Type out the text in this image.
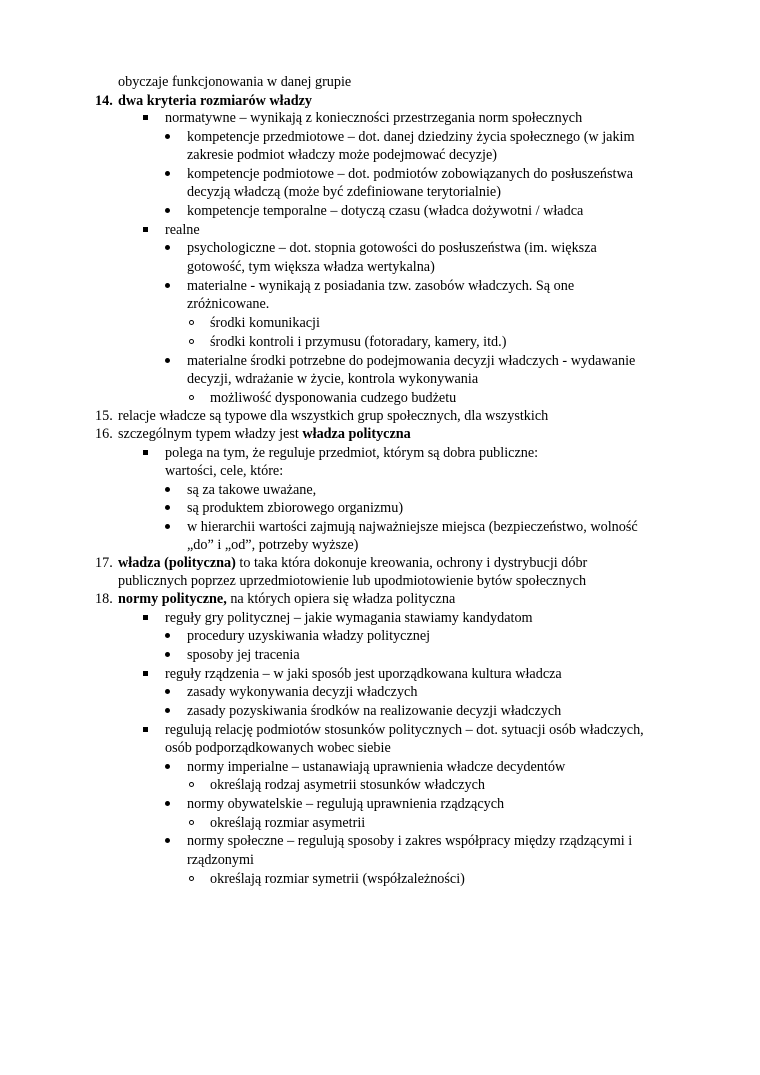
obyczaje funkcjonowania w danej grupie
14. dwa kryteria rozmiarów władzy
normatywne – wynikają z konieczności przestrzegania norm społecznych
kompetencje przedmiotowe – dot. danej dziedziny życia społecznego (w jakim
zakresie podmiot władczy może podejmować decyzje)
kompetencje podmiotowe – dot. podmiotów zobowiązanych do posłuszeństwa
decyzją władczą (może być zdefiniowane terytorialnie)
kompetencje temporalne – dotyczą czasu (władca dożywotni / władca
realne
psychologiczne – dot. stopnia gotowości do posłuszeństwa (im. większa
gotowość, tym większa władza wertykalna)
materialne - wynikają z posiadania tzw. zasobów władczych. Są one
zróżnicowane.
środki komunikacji
środki kontroli i przymusu (fotoradary, kamery, itd.)
materialne środki potrzebne do podejmowania decyzji władczych - wydawanie
decyzji, wdrażanie w życie, kontrola wykonywania
możliwość dysponowania cudzego budżetu
15. relacje władcze są typowe dla wszystkich grup społecznych, dla wszystkich
16. szczególnym typem władzy jest władza polityczna
polega na tym, że reguluje przedmiot, którym są dobra publiczne:
wartości, cele, które:
są za takowe uważane,
są produktem zbiorowego organizmu)
w hierarchii wartości zajmują najważniejsze miejsca (bezpieczeństwo, wolność
„do” i „od”, potrzeby wyższe)
17. władza (polityczna) to taka która dokonuje kreowania, ochrony i dystrybucji dóbr
publicznych poprzez uprzedmiotowienie lub upodmiotowienie bytów społecznych
18. normy polityczne, na których opiera się władza polityczna
reguły gry politycznej – jakie wymagania stawiamy kandydatom
procedury uzyskiwania władzy politycznej
sposoby jej tracenia
reguły rządzenia – w jaki sposób jest uporządkowana kultura władcza
zasady wykonywania decyzji władczych
zasady pozyskiwania środków na realizowanie decyzji władczych
regulują relację podmiotów stosunków politycznych – dot. sytuacji osób władczych,
osób podporządkowanych wobec siebie
normy imperialne – ustanawiają uprawnienia władcze decydentów
określają rodzaj asymetrii stosunków władczych
normy obywatelskie – regulują uprawnienia rządzących
określają rozmiar asymetrii
normy społeczne – regulują sposoby i zakres współpracy między rządzącymi i
rządzonymi
określają rozmiar symetrii (współzależności)
